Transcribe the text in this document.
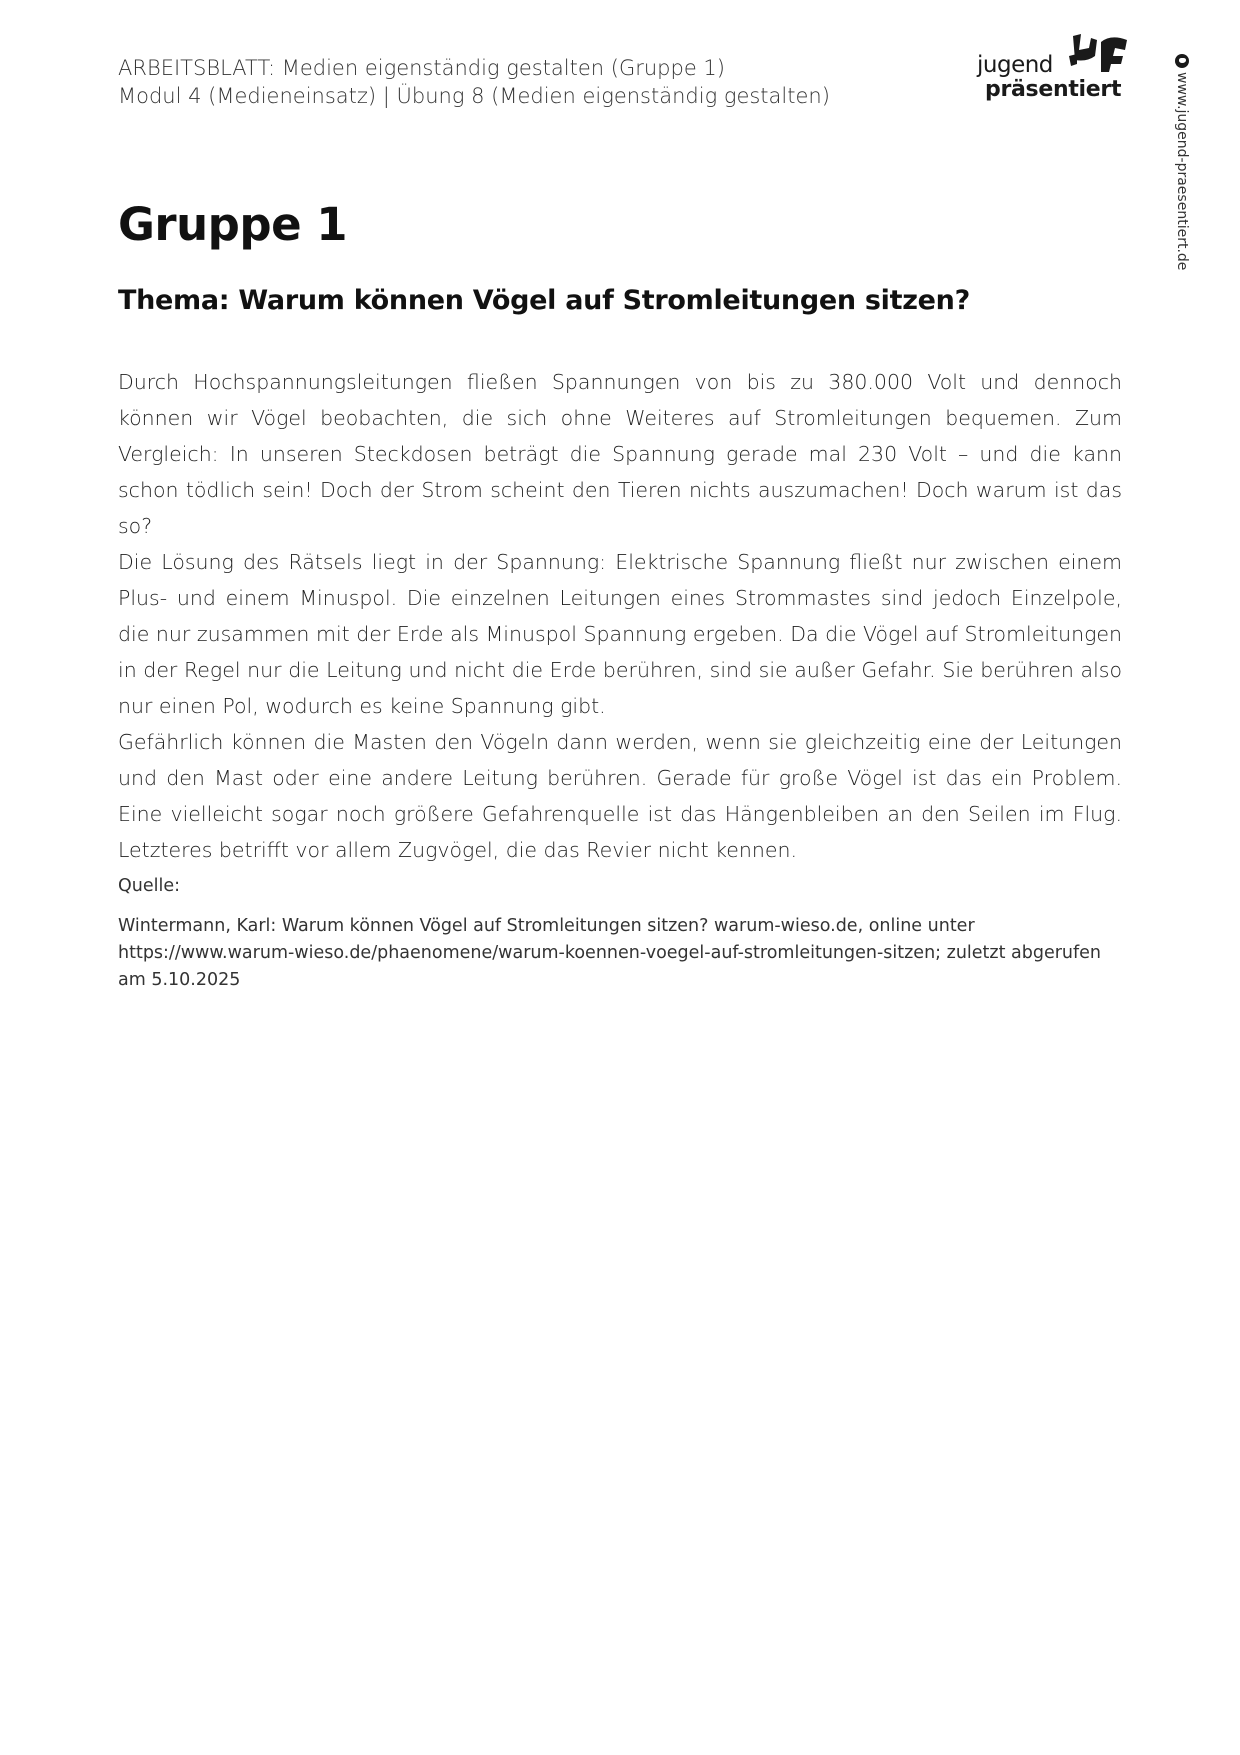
ARBEITSBLATT: Medien eigenständig gestalten (Gruppe 1)
Modul 4 (Medieneinsatz) | Übung 8 (Medien eigenständig gestalten)
jugend
präsentiert	www.jugend-praesentiert.de
Gruppe 1
Thema: Warum können Vögel auf Stromleitungen sitzen?

Durch Hochspannungsleitungen fließen Spannungen von bis zu 380.000 Volt und dennoch können wir Vögel beobachten, die sich ohne Weiteres auf Stromleitungen bequemen. Zum Vergleich: In unseren Steckdosen beträgt die Spannung gerade mal 230 Volt – und die kann schon tödlich sein! Doch der Strom scheint den Tieren nichts auszumachen! Doch warum ist das so?

Die Lösung des Rätsels liegt in der Spannung: Elektrische Spannung fließt nur zwischen einem Plus- und einem Minuspol. Die einzelnen Leitungen eines Strommastes sind jedoch Einzelpole, die nur zusammen mit der Erde als Minuspol Spannung ergeben. Da die Vögel auf Stromleitungen in der Regel nur die Leitung und nicht die Erde berühren, sind sie außer Gefahr. Sie berühren also nur einen Pol, wodurch es keine Spannung gibt.

Gefährlich können die Masten den Vögeln dann werden, wenn sie gleichzeitig eine der Leitungen und den Mast oder eine andere Leitung berühren. Gerade für große Vögel ist das ein Problem. Eine vielleicht sogar noch größere Gefahrenquelle ist das Hängenbleiben an den Seilen im Flug. Letzteres betrifft vor allem Zugvögel, die das Revier nicht kennen.

Quelle:
Wintermann, Karl: Warum können Vögel auf Stromleitungen sitzen? warum-wieso.de, online unter https://www.warum-wieso.de/phaenomene/warum-koennen-voegel-auf-stromleitungen-sitzen; zuletzt abgerufen am 5.10.2025
